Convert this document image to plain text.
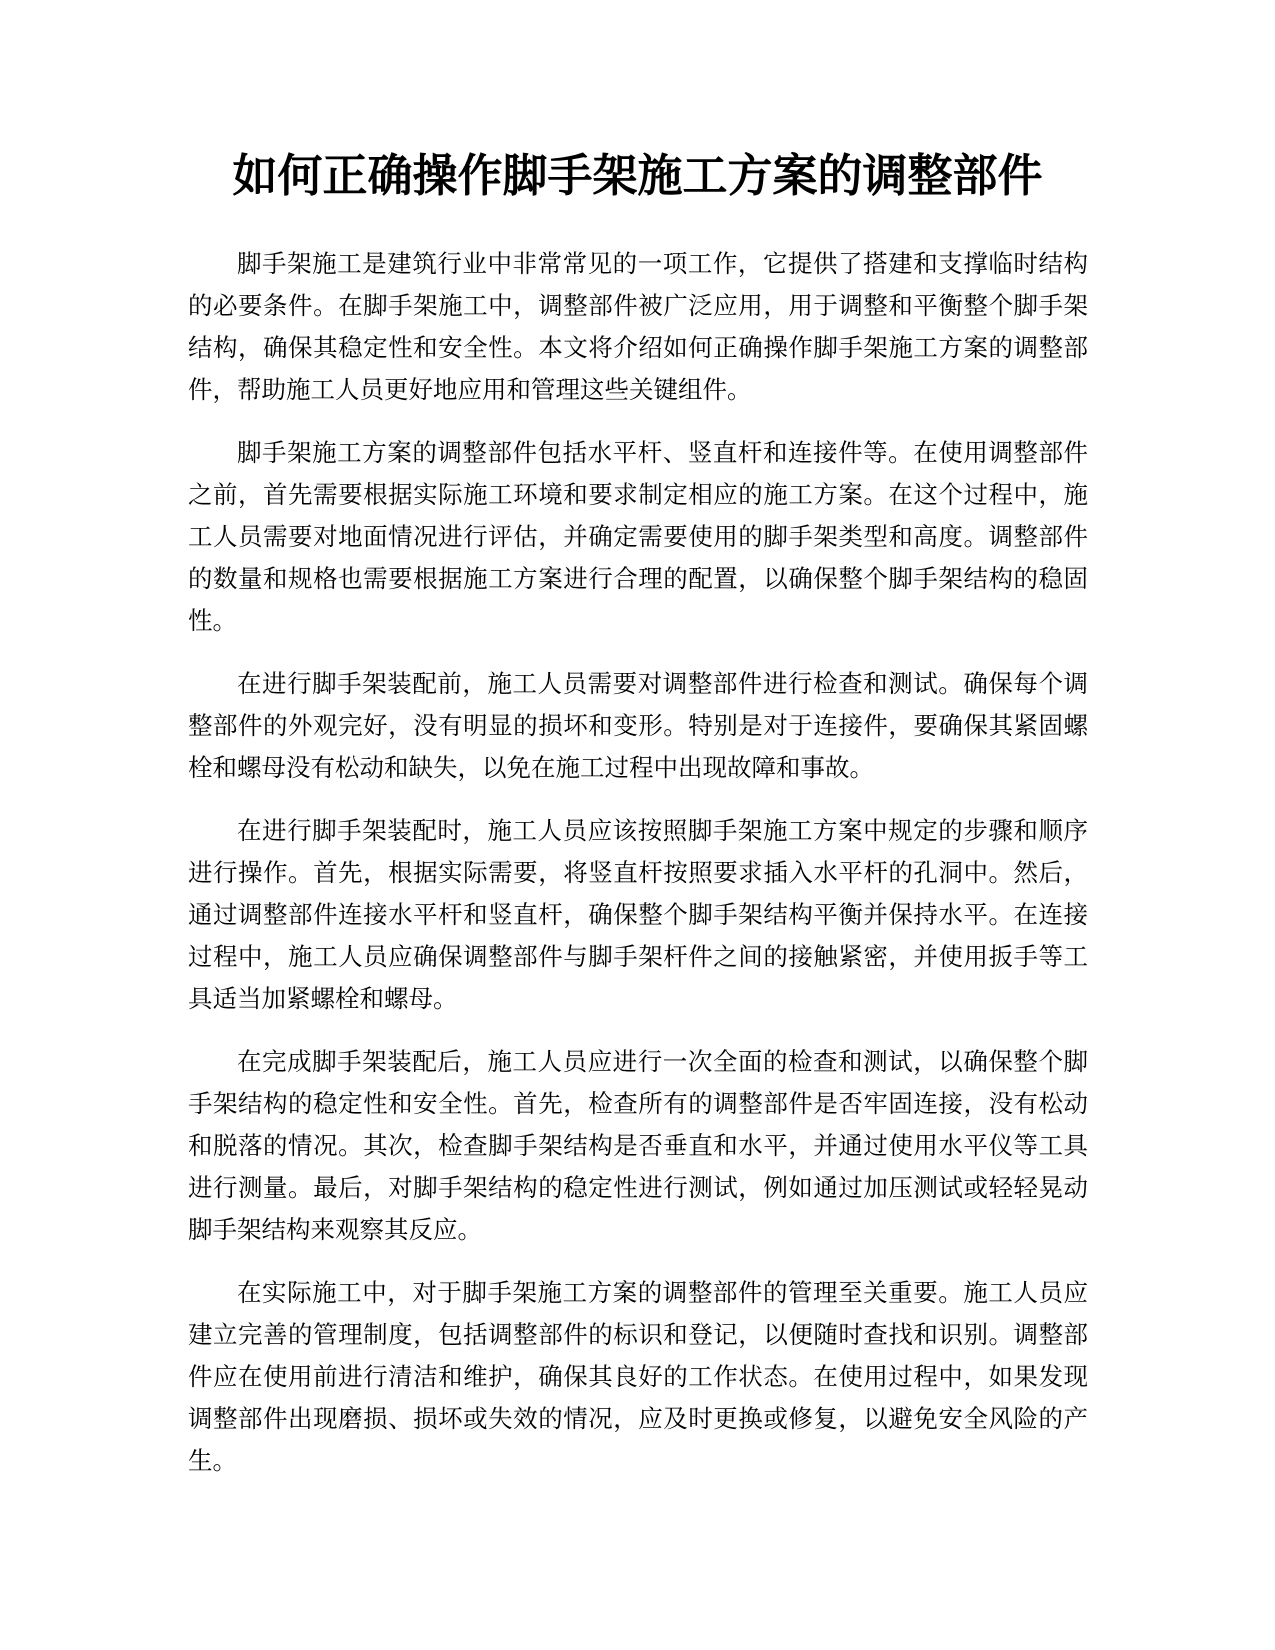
如何正确操作脚手架施工方案的调整部件

脚手架施工是建筑行业中非常常见的一项工作，它提供了搭建和支撑临时结构的必要条件。在脚手架施工中，调整部件被广泛应用，用于调整和平衡整个脚手架结构，确保其稳定性和安全性。本文将介绍如何正确操作脚手架施工方案的调整部件，帮助施工人员更好地应用和管理这些关键组件。

脚手架施工方案的调整部件包括水平杆、竖直杆和连接件等。在使用调整部件之前，首先需要根据实际施工环境和要求制定相应的施工方案。在这个过程中，施工人员需要对地面情况进行评估，并确定需要使用的脚手架类型和高度。调整部件的数量和规格也需要根据施工方案进行合理的配置，以确保整个脚手架结构的稳固性。

在进行脚手架装配前，施工人员需要对调整部件进行检查和测试。确保每个调整部件的外观完好，没有明显的损坏和变形。特别是对于连接件，要确保其紧固螺栓和螺母没有松动和缺失，以免在施工过程中出现故障和事故。

在进行脚手架装配时，施工人员应该按照脚手架施工方案中规定的步骤和顺序进行操作。首先，根据实际需要，将竖直杆按照要求插入水平杆的孔洞中。然后，通过调整部件连接水平杆和竖直杆，确保整个脚手架结构平衡并保持水平。在连接过程中，施工人员应确保调整部件与脚手架杆件之间的接触紧密，并使用扳手等工具适当加紧螺栓和螺母。

在完成脚手架装配后，施工人员应进行一次全面的检查和测试，以确保整个脚手架结构的稳定性和安全性。首先，检查所有的调整部件是否牢固连接，没有松动和脱落的情况。其次，检查脚手架结构是否垂直和水平，并通过使用水平仪等工具进行测量。最后，对脚手架结构的稳定性进行测试，例如通过加压测试或轻轻晃动脚手架结构来观察其反应。

在实际施工中，对于脚手架施工方案的调整部件的管理至关重要。施工人员应建立完善的管理制度，包括调整部件的标识和登记，以便随时查找和识别。调整部件应在使用前进行清洁和维护，确保其良好的工作状态。在使用过程中，如果发现调整部件出现磨损、损坏或失效的情况，应及时更换或修复，以避免安全风险的产生。
